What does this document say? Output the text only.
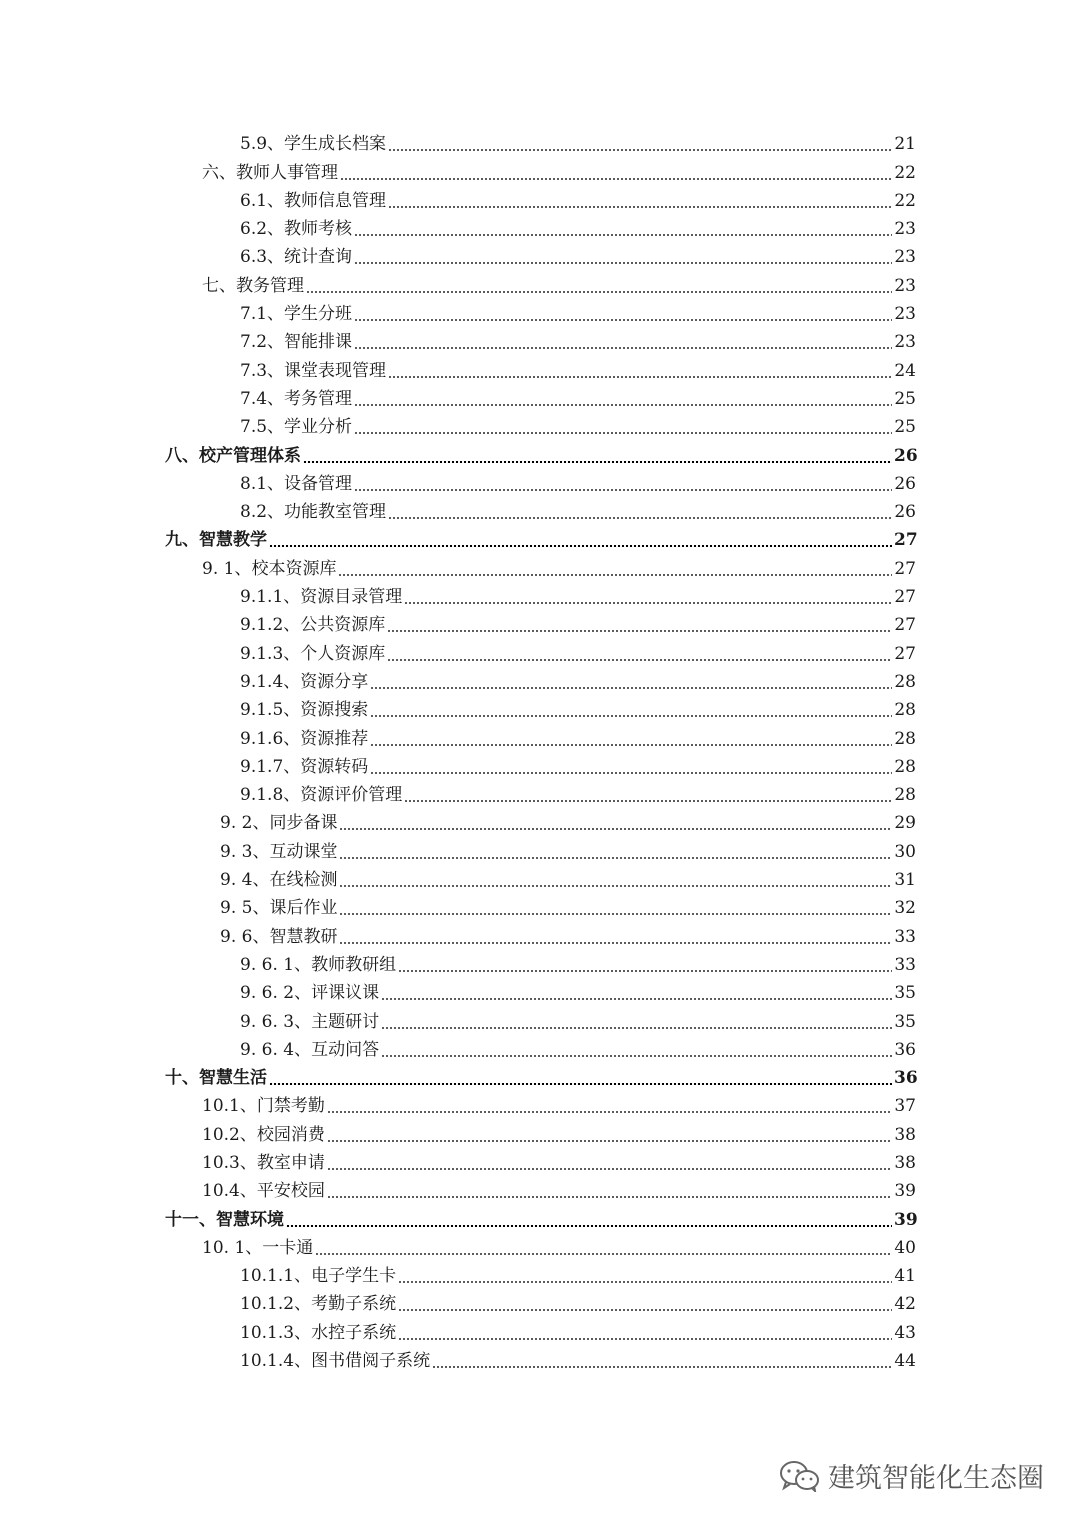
5.9、学生成长档案	21
六、教师人事管理	22
6.1、教师信息管理	22
6.2、教师考核	23
6.3、统计查询	23
七、教务管理	23
7.1、学生分班	23
7.2、智能排课	23
7.3、课堂表现管理	24
7.4、考务管理	25
7.5、学业分析	25
八、校产管理体系	26
8.1、设备管理	26
8.2、功能教室管理	26
九、智慧教学	27
9. 1、校本资源库	27
9.1.1、资源目录管理	27
9.1.2、公共资源库	27
9.1.3、个人资源库	27
9.1.4、资源分享	28
9.1.5、资源搜索	28
9.1.6、资源推荐	28
9.1.7、资源转码	28
9.1.8、资源评价管理	28
9. 2、同步备课	29
9. 3、互动课堂	30
9. 4、在线检测	31
9. 5、课后作业	32
9. 6、智慧教研	33
9. 6. 1、教师教研组	33
9. 6. 2、评课议课	35
9. 6. 3、主题研讨	35
9. 6. 4、互动问答	36
十、智慧生活	36
10.1、门禁考勤	37
10.2、校园消费	38
10.3、教室申请	38
10.4、平安校园	39
十一、智慧环境	39
10. 1、一卡通	40
10.1.1、电子学生卡	41
10.1.2、考勤子系统	42
10.1.3、水控子系统	43
10.1.4、图书借阅子系统	44
建筑智能化生态圈
